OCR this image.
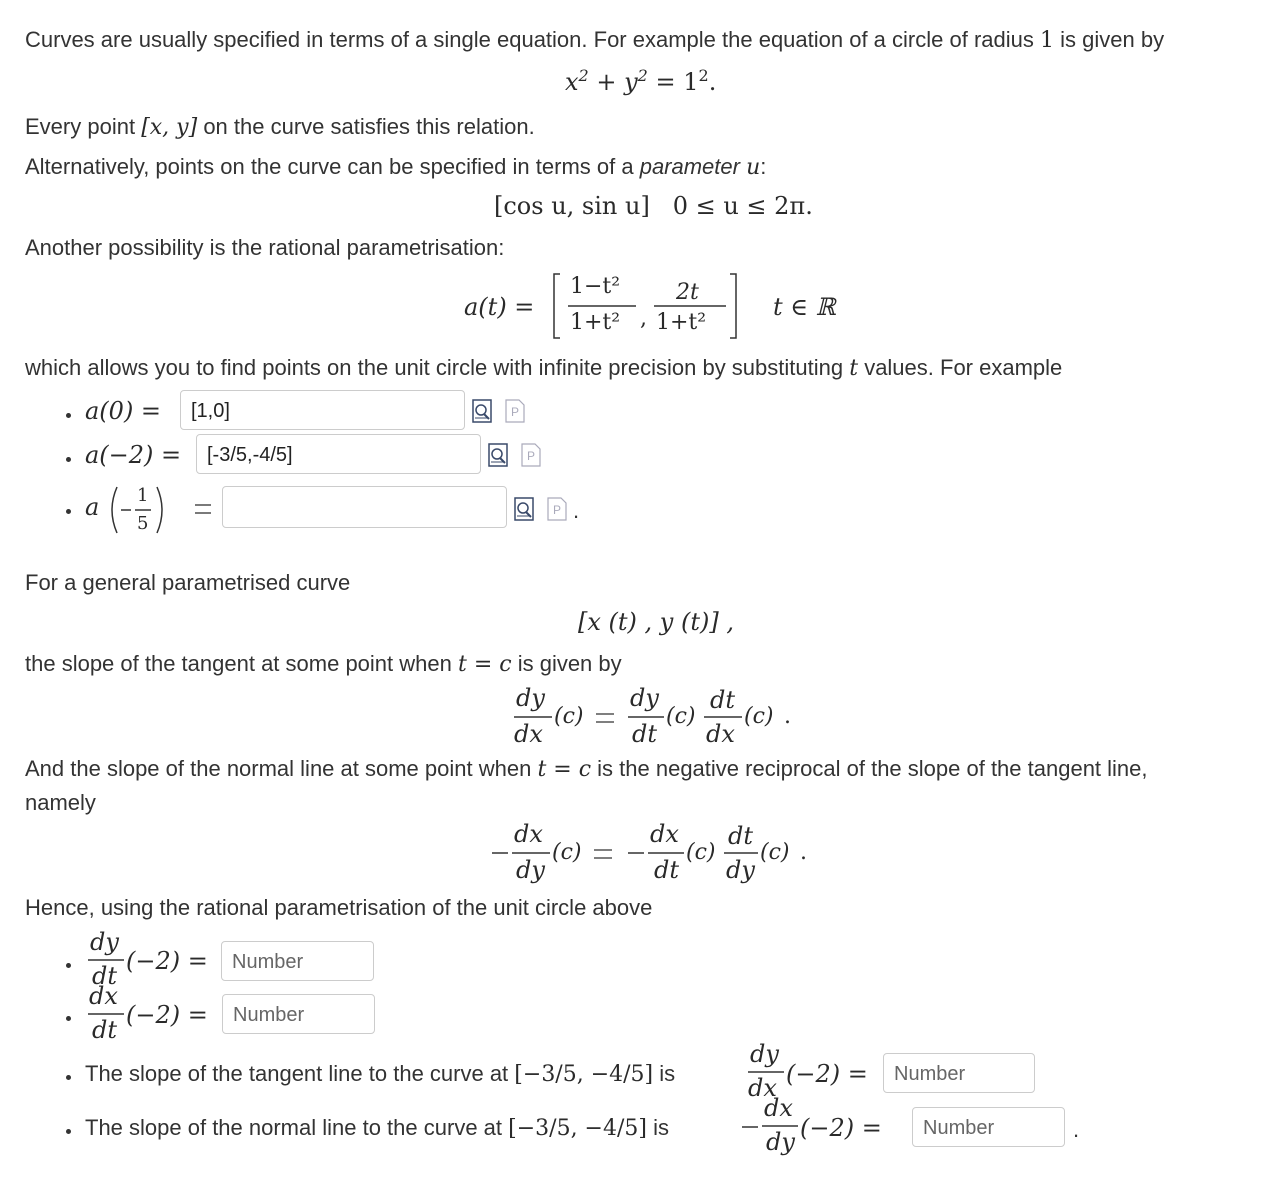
Curves are usually specified in terms of a single equation. For example the equation of a circle of radius 1 is given by
$x^2 + y^2 = 1^2$.
Every point [x, y] on the curve satisfies this relation.
Alternatively, points on the curve can be specified in terms of a parameter u:
[cos u, sin u] 0 ≤ u ≤ 2π.
Another possibility is the rational parametrisation:
a(t) =
1−t²
1+t² ,
2t
1+t²
t ∈ ℝ
which allows you to find points on the unit circle with infinite precision by substituting t values. For example
a(0) =	[1,0]	P
a(−2) =	[-3/5,-4/5]	P
a 1
5
P .
For a general parametrised curve
[x (t) , y (t)] ,
the slope of the tangent at some point when t = c is given by
dy
dx
(c)
dy
dt
(c)
dt
dx
(c) .
And the slope of the normal line at some point when t = c is the negative reciprocal of the slope of the tangent line,
namely
dx
dy
(c)
dx
dt
(c)
dt
dy
(c) .
Hence, using the rational parametrisation of the unit circle above
dy
dt
(−2) =	Number
dx
dt
(−2) =	Number
The slope of the tangent line to the curve at [−3/5, −4/5] is
dy
dx (−2) =	Number
The slope of the normal line to the curve at [−3/5, −4/5] is
dx
dy (−2) =	Number	.
